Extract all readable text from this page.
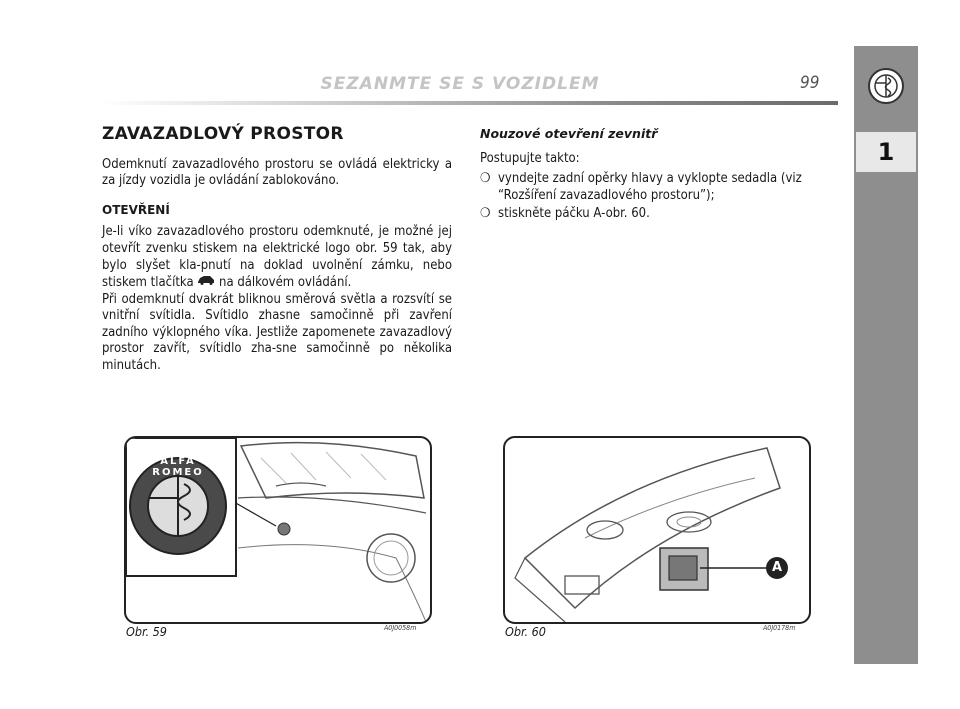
SEZANMTE SE S VOZIDLEM	99
1
ZAVAZADLOVÝ PROSTOR

Odemknutí zavazadlového prostoru se ovládá elektricky a za jízdy vozidla je ovládání zablokováno.

OTEVŘENÍ

Je-li víko zavazadlového prostoru odemknuté, je možné jej otevřít zvenku stiskem na elektrické logo obr. 59 tak, aby bylo slyšet kla-pnutí na doklad uvolnění zámku, nebo stiskem tlačítka na dálkovém ovládání.

Při odemknutí dvakrát bliknou směrová světla a rozsvítí se vnitřní svítidla. Svítidlo zhasne samočinně při zavření zadního výklopného víka. Jestliže zapomenete zavazadlový prostor zavřít, svítidlo zha-sne samočinně po několika minutách.

Nouzové otevření zevnitř

Postupujte takto:

❍ vyndejte zadní opěrky hlavy a vyklopte sedadla (viz “Rozšíření zavazadlového prostoru”);
❍ stiskněte páčku A-obr. 60.
ALFA ROMEO
Obr. 59	A0J0058m
A
Obr. 60	A0J0178m
